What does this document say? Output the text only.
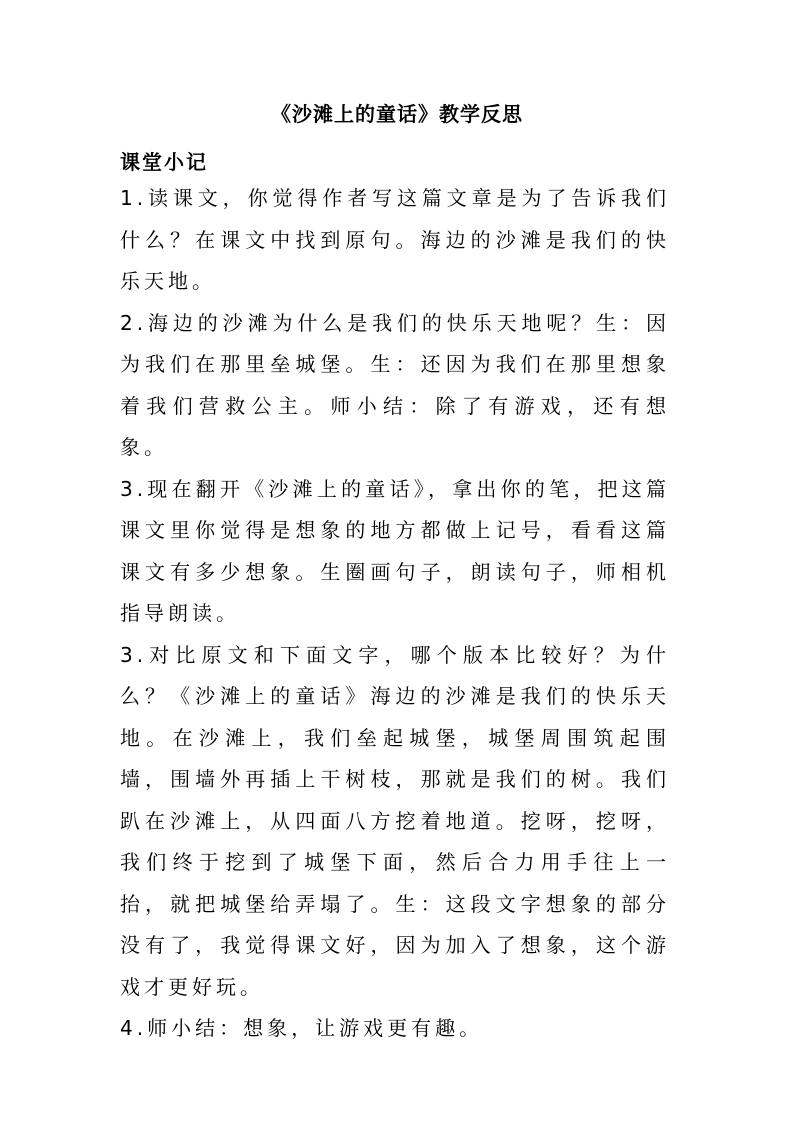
《沙滩上的童话》教学反思
课堂小记

1.读课文，你觉得作者写这篇文章是为了告诉我们什么？在课文中找到原句。海边的沙滩是我们的快乐天地。

2.海边的沙滩为什么是我们的快乐天地呢？生：因为我们在那里垒城堡。生：还因为我们在那里想象着我们营救公主。师小结：除了有游戏，还有想象。

3.现在翻开《沙滩上的童话》，拿出你的笔，把这篇课文里你觉得是想象的地方都做上记号，看看这篇课文有多少想象。生圈画句子，朗读句子，师相机指导朗读。

3.对比原文和下面文字，哪个版本比较好？为什么？《沙滩上的童话》海边的沙滩是我们的快乐天地。在沙滩上，我们垒起城堡，城堡周围筑起围墙，围墙外再插上干树枝，那就是我们的树。我们趴在沙滩上，从四面八方挖着地道。挖呀，挖呀，我们终于挖到了城堡下面，然后合力用手往上一抬，就把城堡给弄塌了。生：这段文字想象的部分没有了，我觉得课文好，因为加入了想象，这个游戏才更好玩。

4.师小结：想象，让游戏更有趣。
